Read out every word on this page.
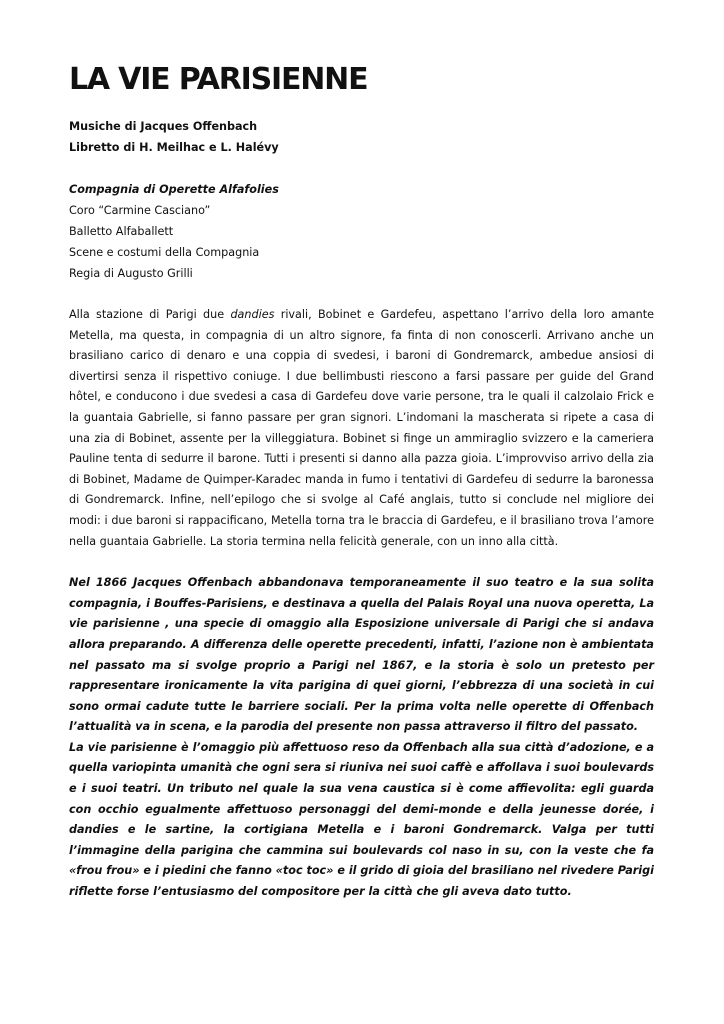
LA VIE PARISIENNE
Musiche di Jacques Offenbach
Libretto di H. Meilhac e L. Halévy
Compagnia di Operette Alfafolies
Coro “Carmine Casciano”
Balletto Alfaballett
Scene e costumi della Compagnia
Regia di Augusto Grilli

Alla stazione di Parigi due dandies rivali, Bobinet e Gardefeu, aspettano l’arrivo della loro amante Metella, ma questa, in compagnia di un altro signore, fa finta di non conoscerli. Arrivano anche un brasiliano carico di denaro e una coppia di svedesi, i baroni di Gondremarck, ambedue ansiosi di divertirsi senza il rispettivo coniuge. I due bellimbusti riescono a farsi passare per guide del Grand hôtel, e conducono i due svedesi a casa di Gardefeu dove varie persone, tra le quali il calzolaio Frick e la guantaia Gabrielle, si fanno passare per gran signori. L’indomani la mascherata si ripete a casa di una zia di Bobinet, assente per la villeggiatura. Bobinet si finge un ammiraglio svizzero e la cameriera Pauline tenta di sedurre il barone. Tutti i presenti si danno alla pazza gioia. L’improvviso arrivo della zia di Bobinet, Madame de Quimper-Karadec manda in fumo i tentativi di Gardefeu di sedurre la baronessa di Gondremarck. Infine, nell’epilogo che si svolge al Café anglais, tutto si conclude nel migliore dei modi: i due baroni si rappacificano, Metella torna tra le braccia di Gardefeu, e il brasiliano trova l’amore nella guantaia Gabrielle. La storia termina nella felicità generale, con un inno alla città.

Nel 1866 Jacques Offenbach abbandonava temporaneamente il suo teatro e la sua solita compagnia, i Bouffes-Parisiens, e destinava a quella del Palais Royal una nuova operetta, La vie parisienne , una specie di omaggio alla Esposizione universale di Parigi che si andava allora preparando. A differenza delle operette precedenti, infatti, l’azione non è ambientata nel passato ma si svolge proprio a Parigi nel 1867, e la storia è solo un pretesto per rappresentare ironicamente la vita parigina di quei giorni, l’ebbrezza di una società in cui sono ormai cadute tutte le barriere sociali. Per la prima volta nelle operette di Offenbach l’attualità va in scena, e la parodia del presente non passa attraverso il filtro del passato.

La vie parisienne è l’omaggio più affettuoso reso da Offenbach alla sua città d’adozione, e a quella variopinta umanità che ogni sera si riuniva nei suoi caffè e affollava i suoi boulevards e i suoi teatri. Un tributo nel quale la sua vena caustica si è come affievolita: egli guarda con occhio egualmente affettuoso personaggi del demi-monde e della jeunesse dorée, i dandies e le sartine, la cortigiana Metella e i baroni Gondremarck. Valga per tutti l’immagine della parigina che cammina sui boulevards col naso in su, con la veste che fa «frou frou» e i piedini che fanno «toc toc» e il grido di gioia del brasiliano nel rivedere Parigi riflette forse l’entusiasmo del compositore per la città che gli aveva dato tutto.
